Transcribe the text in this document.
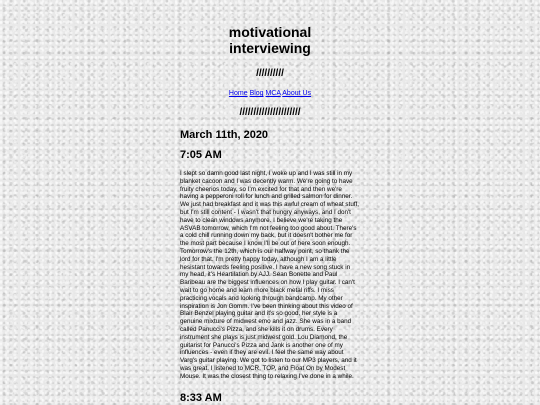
motivational
interviewing
//////////
Home Blog MCA About Us
//////////////////////
March 11th, 2020
7:05 AM
I slept so damn good last night, I woke up and I was still in my blanket cacoon and I was decently warm. We're going to have fruity cheerios today, so I'm excited for that and then we're having a pepperoni roll for lunch and grilled salmon for dinner. We just had breakfast and it was this awful cream of wheat stuff, but I'm still content - I wasn't that hungry anyways, and I don't have to clean windows anymore. I believe we're taking the ASVAB tomorrow, which I'm not feeling too good about. There's a cold chill running down my back, but it doesn't bother me for the most part because I know I'll be out of here soon enough. Tomorrow's the 12th, which is our halfway point, so thank the lord for that. I'm pretty happy today, although I am a little hesistant towards feeling positive. I have a new song stuck in my head, it's Heartilation by AJJ. Sean Bonette and Paul Baribeau are the biggest influences on how I play guitar. I can't wait to go home and learn more black metal riffs. I miss practicing vocals and looking through bandcamp. My other inspiration is Jon Gomm. I've been thinking about this video of Blair Benzel playing guitar and it's so good, her style is a genuine mixture of midwest emo and jazz. She was in a band called Panucci's Pizza, and she kills it on drums. Every instrument she plays is just midwest gold. Lou Diamond, the guitarist for Panucci's Pizza and Jank is another one of my influences - even if they are evil. I feel the same way about Varg's guitar playing. We got to listen to our MP3 players, and it was great. I listened to MCR, TOP, and Float On by Modest Mouse. It was the closest thing to relaxing I've done in a while.
8:33 AM
